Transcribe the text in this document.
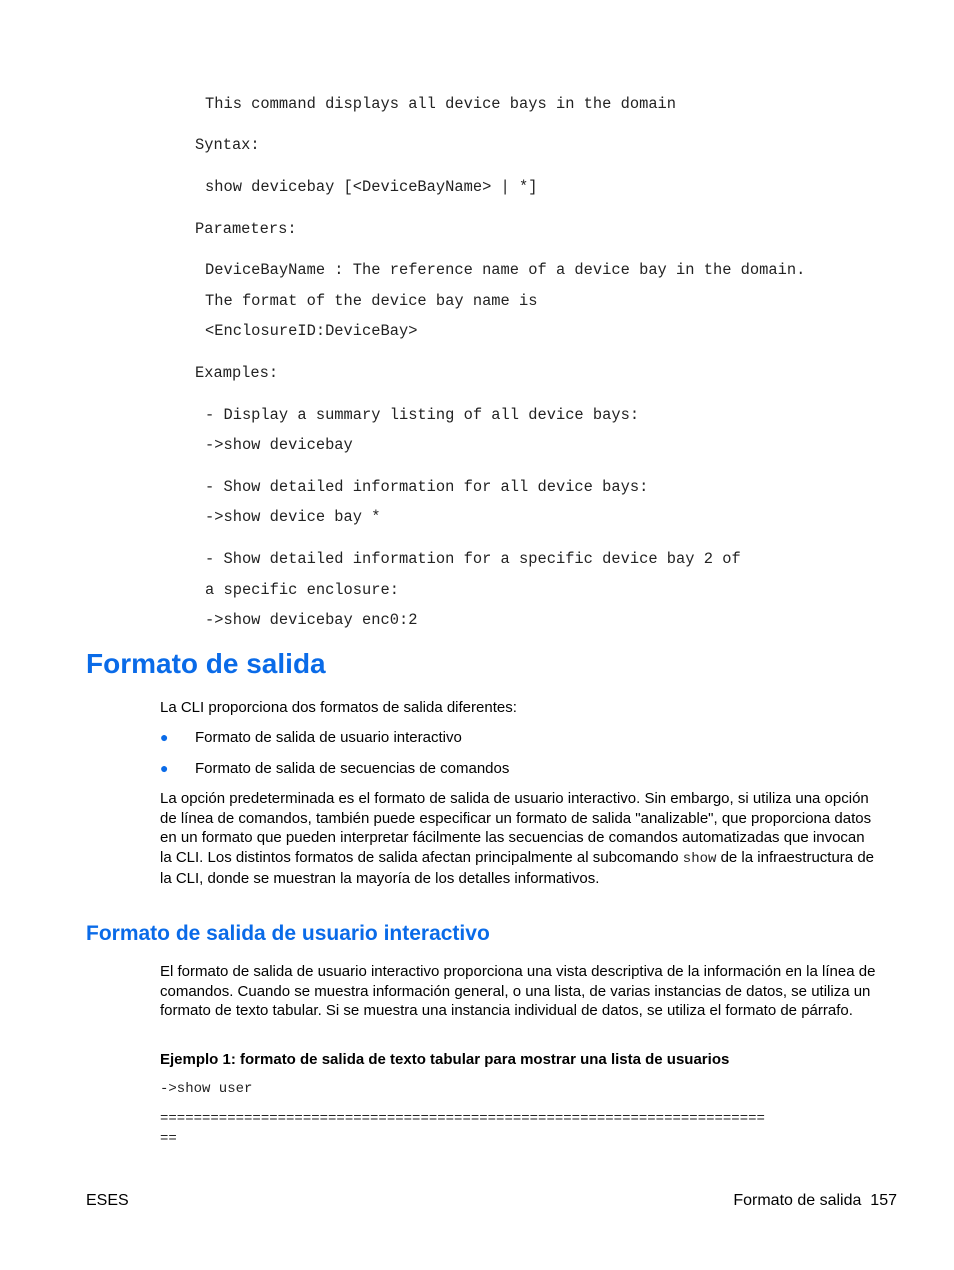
This command displays all device bays in the domain
Syntax:
show devicebay [<DeviceBayName> | *]
Parameters:
DeviceBayName : The reference name of a device bay in the domain.
The format of the device bay name is
<EnclosureID:DeviceBay>
Examples:
- Display a summary listing of all device bays:
->show devicebay
- Show detailed information for all device bays:
->show device bay *
- Show detailed information for a specific device bay 2 of
a specific enclosure:
->show devicebay enc0:2
Formato de salida
La CLI proporciona dos formatos de salida diferentes:
● Formato de salida de usuario interactivo
● Formato de salida de secuencias de comandos
La opción predeterminada es el formato de salida de usuario interactivo. Sin embargo, si utiliza una opción de línea de comandos, también puede especificar un formato de salida "analizable", que proporciona datos en un formato que pueden interpretar fácilmente las secuencias de comandos automatizadas que invocan la CLI. Los distintos formatos de salida afectan principalmente al subcomando show de la infraestructura de la CLI, donde se muestran la mayoría de los detalles informativos.
Formato de salida de usuario interactivo
El formato de salida de usuario interactivo proporciona una vista descriptiva de la información en la línea de comandos. Cuando se muestra información general, o una lista, de varias instancias de datos, se utiliza un formato de texto tabular. Si se muestra una instancia individual de datos, se utiliza el formato de párrafo.
Ejemplo 1: formato de salida de texto tabular para mostrar una lista de usuarios
->show user
========================================================================
==
ESES	Formato de salida 157
